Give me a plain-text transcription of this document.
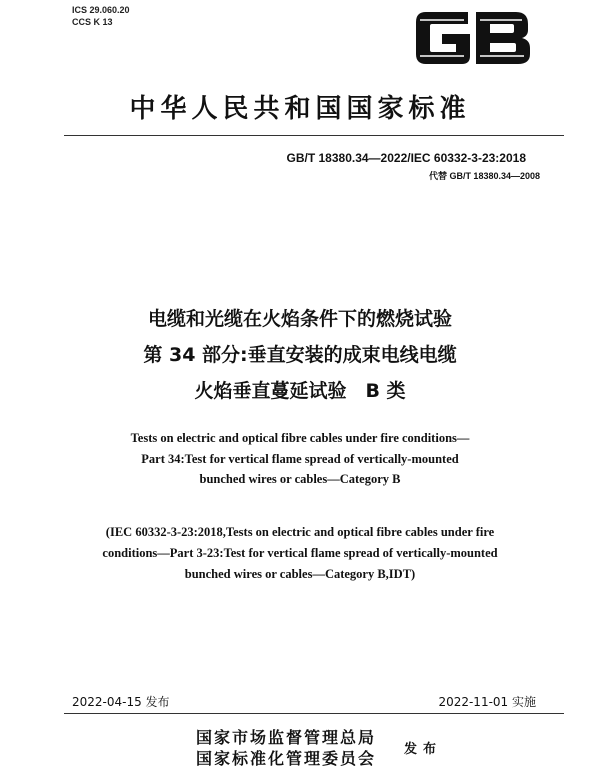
ICS 29.060.20
CCS K 13
中华人民共和国国家标准
GB/T 18380.34—2022/IEC 60332-3-23:2018
代替 GB/T 18380.34—2008
电缆和光缆在火焰条件下的燃烧试验
第 34 部分:垂直安装的成束电线电缆
火焰垂直蔓延试验　B 类
Tests on electric and optical fibre cables under fire conditions—
Part 34:Test for vertical flame spread of vertically-mounted
bunched wires or cables—Category B
(IEC 60332-3-23:2018,Tests on electric and optical fibre cables under fire
conditions—Part 3-23:Test for vertical flame spread of vertically-mounted
bunched wires or cables—Category B,IDT)
2022-04-15 发布	2022-11-01 实施
国家市场监督管理总局
国家标准化管理委员会 发布
